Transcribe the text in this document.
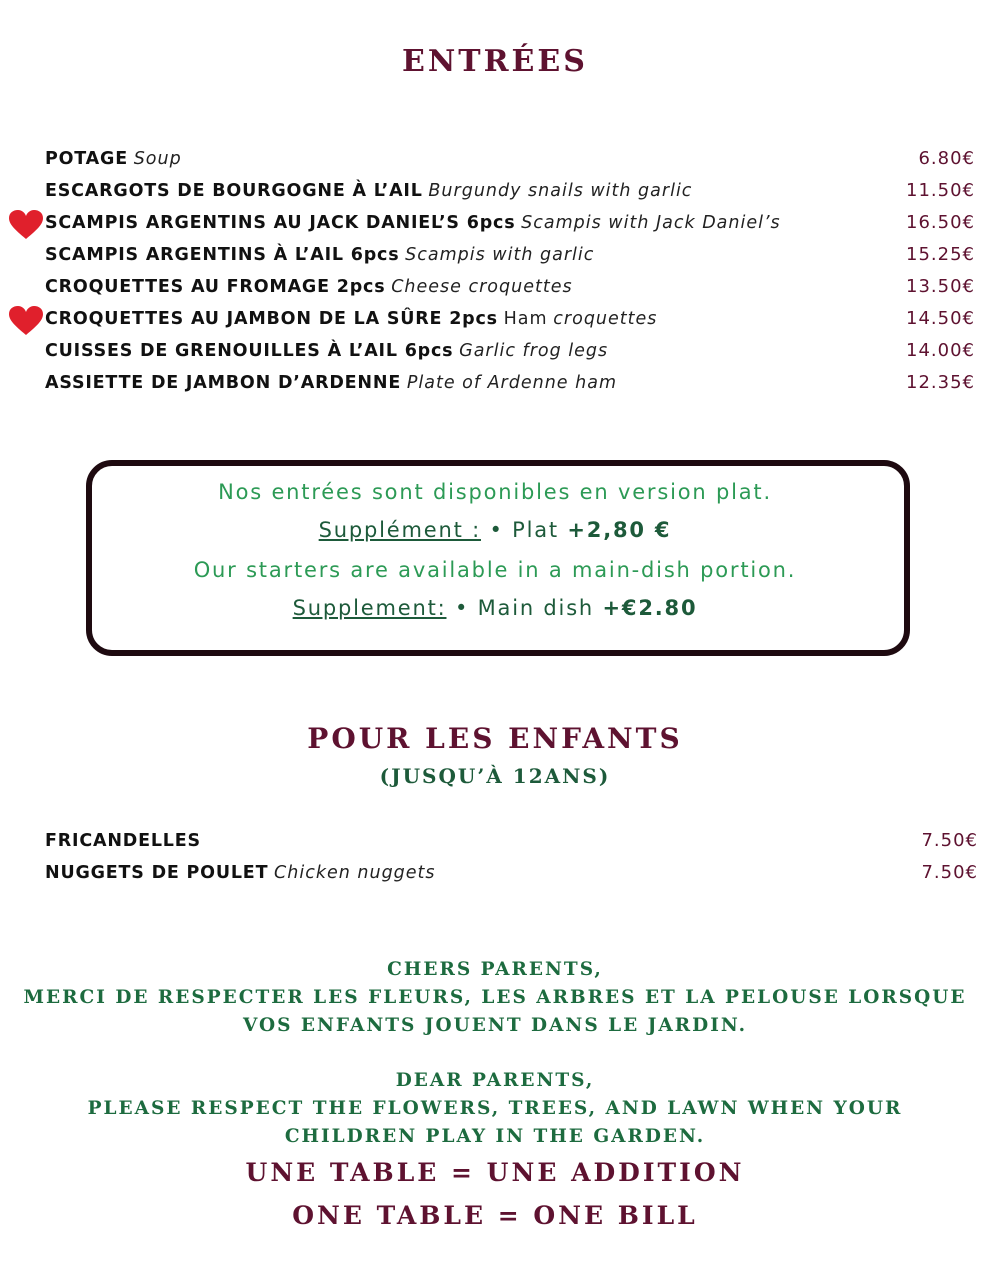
ENTRÉES
POTAGE Soup	6.80€
ESCARGOTS DE BOURGOGNE À L’AIL Burgundy snails with garlic	11.50€
SCAMPIS ARGENTINS AU JACK DANIEL’S 6pcs Scampis with Jack Daniel’s	16.50€
SCAMPIS ARGENTINS À L’AIL 6pcs Scampis with garlic	15.25€
CROQUETTES AU FROMAGE 2pcs Cheese croquettes	13.50€
CROQUETTES AU JAMBON DE LA SÛRE 2pcs Ham croquettes	14.50€
CUISSES DE GRENOUILLES À L’AIL 6pcs Garlic frog legs	14.00€
ASSIETTE DE JAMBON D’ARDENNE Plate of Ardenne ham	12.35€
Nos entrées sont disponibles en version plat.
Supplément : • Plat +2,80 €
Our starters are available in a main-dish portion.
Supplement: • Main dish +€2.80
POUR LES ENFANTS
(JUSQU’À 12ANS)
FRICANDELLES	7.50€
NUGGETS DE POULET Chicken nuggets	7.50€
CHERS PARENTS,
MERCI DE RESPECTER LES FLEURS, LES ARBRES ET LA PELOUSE LORSQUE VOS ENFANTS JOUENT DANS LE JARDIN.
DEAR PARENTS,
PLEASE RESPECT THE FLOWERS, TREES, AND LAWN WHEN YOUR CHILDREN PLAY IN THE GARDEN.
UNE TABLE = UNE ADDITION
ONE TABLE = ONE BILL
